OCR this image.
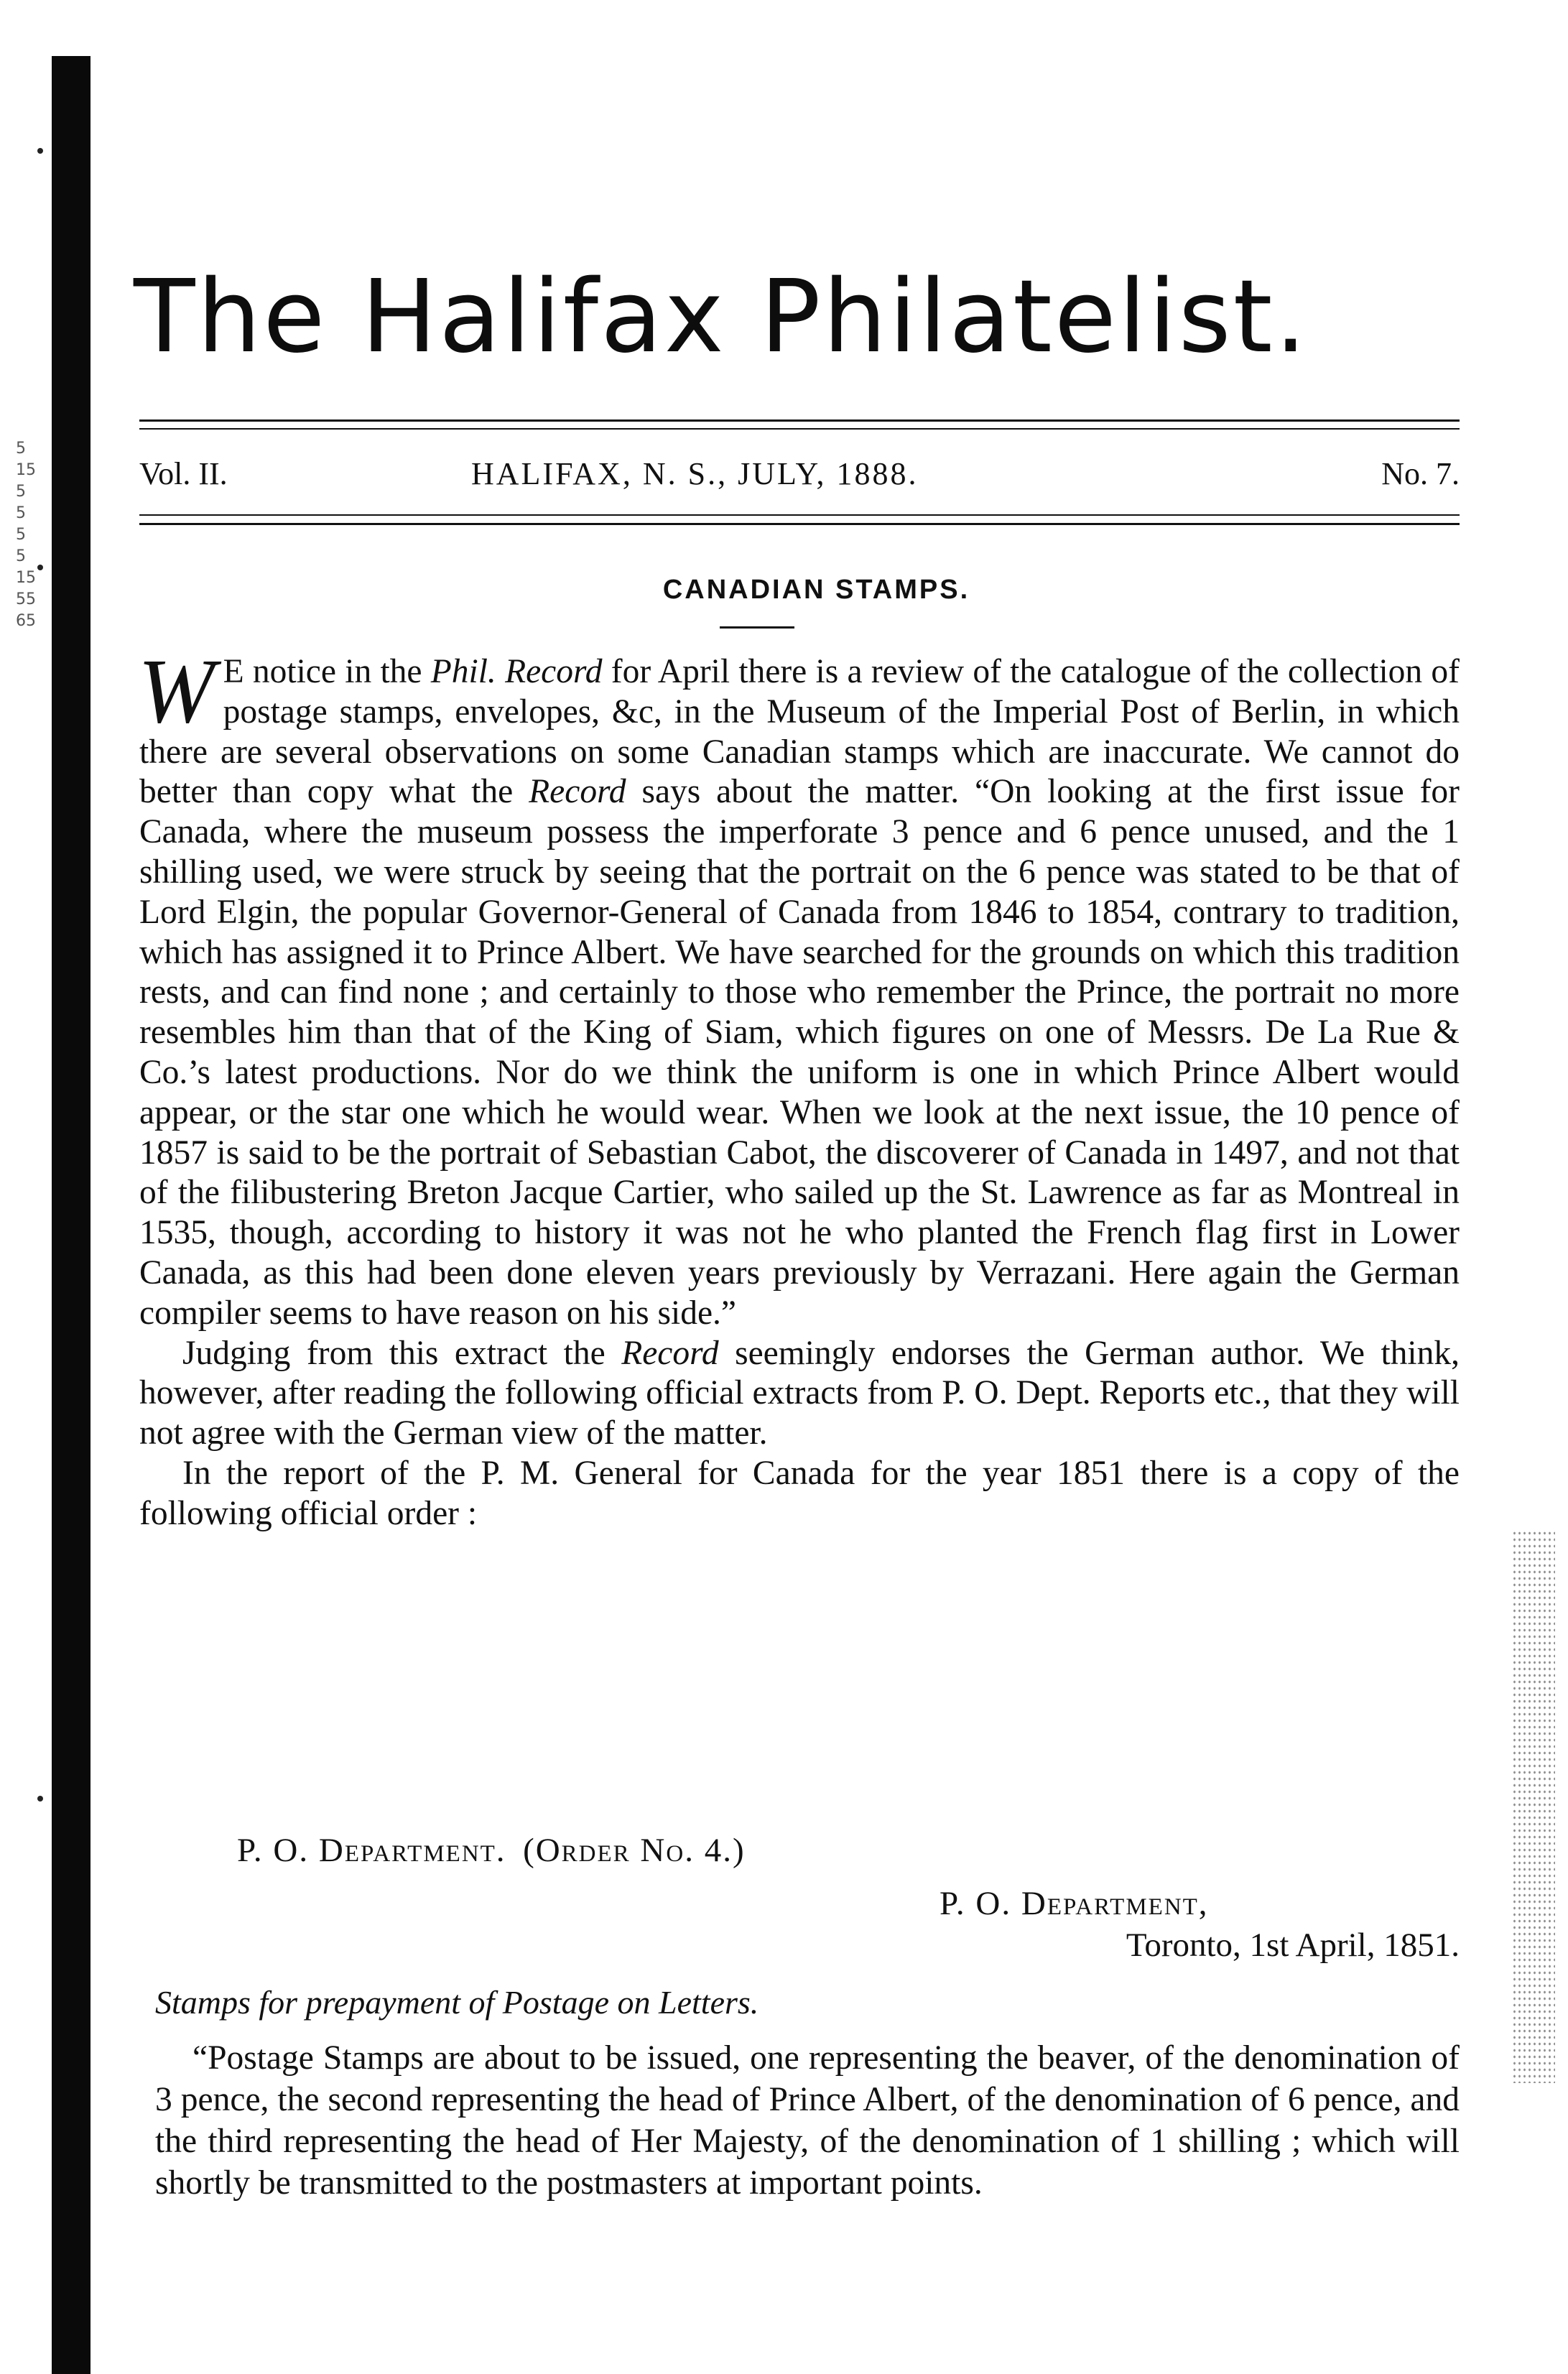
5 15 5 5 5 5 15 55 65
The Halifax Philatelist.
Vol. II.	HALIFAX, N. S., JULY, 1888.	No. 7.
CANADIAN STAMPS.

W E notice in the Phil. Record for April there is a review of the catalogue of the collection of postage stamps, envelopes, &c, in the Museum of the Imperial Post of Berlin, in which there are several observations on some Canadian stamps which are inaccurate. We cannot do better than copy what the Record says about the matter. “On looking at the first issue for Canada, where the museum possess the imperforate 3 pence and 6 pence unused, and the 1 shilling used, we were struck by seeing that the portrait on the 6 pence was stated to be that of Lord Elgin, the popular Governor-General of Canada from 1846 to 1854, contrary to tradition, which has assigned it to Prince Albert. We have searched for the grounds on which this tradition rests, and can find none ; and certainly to those who remember the Prince, the portrait no more resembles him than that of the King of Siam, which figures on one of Messrs. De La Rue & Co.’s latest productions. Nor do we think the uniform is one in which Prince Albert would appear, or the star one which he would wear. When we look at the next issue, the 10 pence of 1857 is said to be the portrait of Sebastian Cabot, the discoverer of Canada in 1497, and not that of the filibustering Breton Jacque Cartier, who sailed up the St. Lawrence as far as Montreal in 1535, though, according to history it was not he who planted the French flag first in Lower Canada, as this had been done eleven years previously by Verrazani. Here again the German compiler seems to have reason on his side.”

Judging from this extract the Record seemingly endorses the German author. We think, however, after reading the following official extracts from P. O. Dept. Reports etc., that they will not agree with the German view of the matter.

In the report of the P. M. General for Canada for the year 1851 there is a copy of the following official order :

P. O. Department. (Order No. 4.)
P. O. Department,
Toronto, 1st April, 1851.
Stamps for prepayment of Postage on Letters.
“Postage Stamps are about to be issued, one representing the beaver, of the denomination of 3 pence, the second representing the head of Prince Albert, of the denomination of 6 pence, and the third representing the head of Her Majesty, of the denomination of 1 shilling ; which will shortly be transmitted to the postmasters at important points.
